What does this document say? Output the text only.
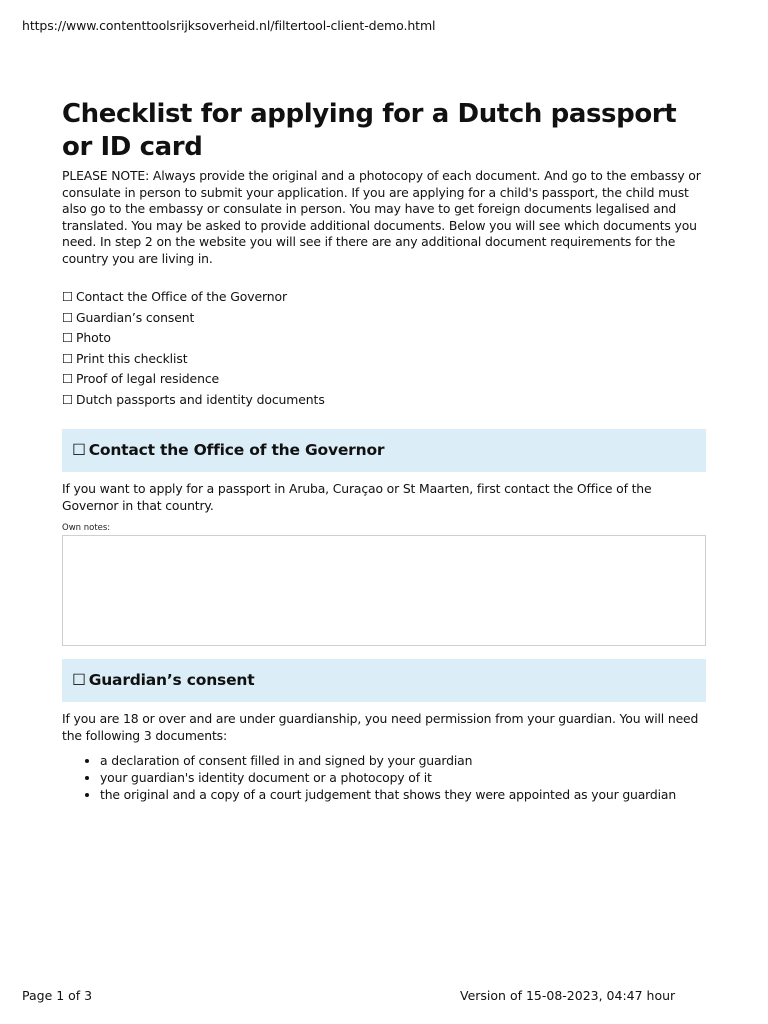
https://www.contenttoolsrijksoverheid.nl/filtertool-client-demo.html
Checklist for applying for a Dutch passport or ID card

PLEASE NOTE: Always provide the original and a photocopy of each document. And go to the embassy or consulate in person to submit your application. If you are applying for a child's passport, the child must also go to the embassy or consulate in person. You may have to get foreign documents legalised and translated. You may be asked to provide additional documents. Below you will see which documents you need. In step 2 on the website you will see if there are any additional document requirements for the country you are living in.

☐ Contact the Office of the Governor
☐ Guardian’s consent
☐ Photo
☐ Print this checklist
☐ Proof of legal residence
☐ Dutch passports and identity documents
☐ Contact the Office of the Governor

If you want to apply for a passport in Aruba, Curaçao or St Maarten, first contact the Office of the Governor in that country.

Own notes:
☐ Guardian’s consent

If you are 18 or over and are under guardianship, you need permission from your guardian. You will need the following 3 documents:

• a declaration of consent filled in and signed by your guardian
• your guardian's identity document or a photocopy of it
• the original and a copy of a court judgement that shows they were appointed as your guardian
Page 1 of 3	Version of 15-08-2023, 04:47 hour
